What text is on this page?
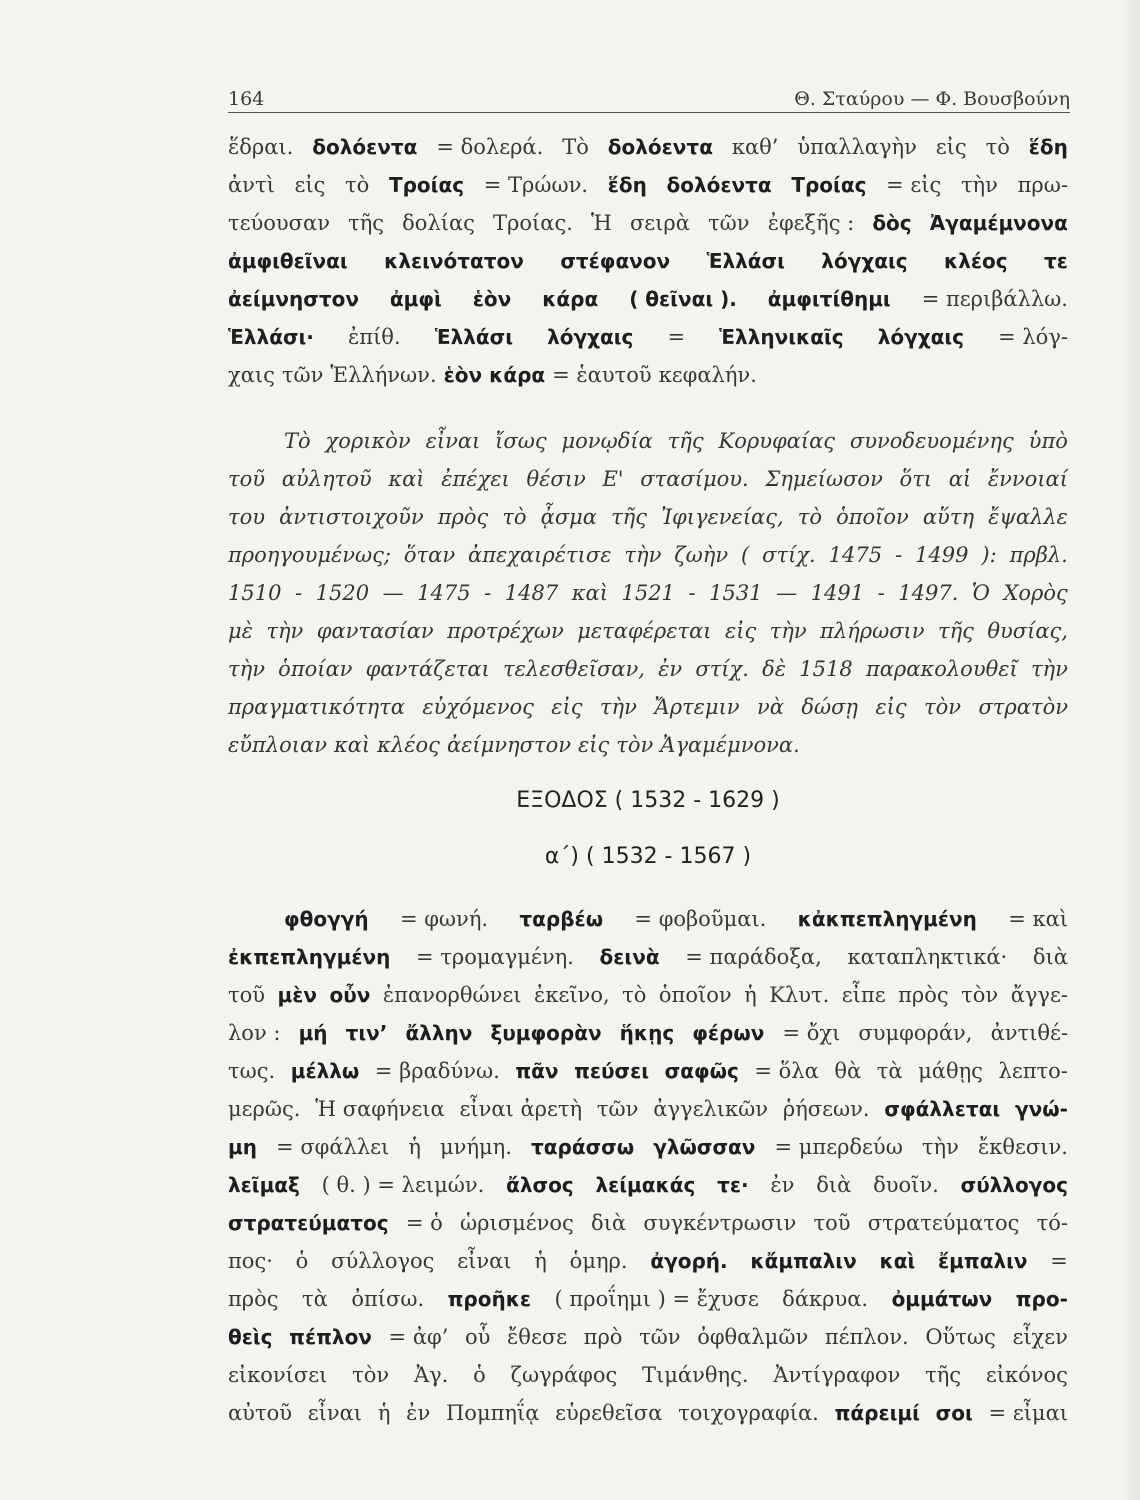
164	Θ. Σταύρου — Φ. Βουσβούνη
ἕδραι. δολόεντα = δολερά. Τὸ δολόεντα καθ’ ὑπαλλαγὴν εἰς τὸ ἕδη
ἀντὶ εἰς τὸ Τροίας = Τρώων. ἕδη δολόεντα Τροίας = εἰς τὴν πρω-
τεύουσαν τῆς δολίας Τροίας. Ἡ σειρὰ τῶν ἐφεξῆς : δὸς Ἀγαμέμνονα
ἀμφιθεῖναι κλεινότατον στέφανον Ἑλλάσι λόγχαις κλέος τε
ἀείμνηστον ἀμφὶ ἑὸν κάρα ( θεῖναι ). ἀμφιτίθημι = περιβάλλω.
Ἑλλάσι· ἐπίθ. Ἑλλάσι λόγχαις = Ἑλληνικαῖς λόγχαις = λόγ-
χαις τῶν Ἑλλήνων. ἑὸν κάρα = ἑαυτοῦ κεφαλήν.
Τὸ χορικὸν εἶναι ἴσως μονῳδία τῆς Κορυφαίας συνοδευομένης ὑπὸ
τοῦ αὐλητοῦ καὶ ἐπέχει θέσιν Ε' στασίμου. Σημείωσον ὅτι αἱ ἔννοιαί
του ἀντιστοιχοῦν πρὸς τὸ ᾆσμα τῆς Ἰφιγενείας, τὸ ὁποῖον αὕτη ἔψαλλε
προηγουμένως; ὅταν ἀπεχαιρέτισε τὴν ζωὴν ( στίχ. 1475 - 1499 ): πρβλ.
1510 - 1520 — 1475 - 1487 καὶ 1521 - 1531 — 1491 - 1497. Ὁ Χορὸς
μὲ τὴν φαντασίαν προτρέχων μεταφέρεται εἰς τὴν πλήρωσιν τῆς θυσίας,
τὴν ὁποίαν φαντάζεται τελεσθεῖσαν, ἐν στίχ. δὲ 1518 παρακολουθεῖ τὴν
πραγματικότητα εὐχόμενος εἰς τὴν Ἄρτεμιν νὰ δώσῃ εἰς τὸν στρατὸν
εὔπλοιαν καὶ κλέος ἀείμνηστον εἰς τὸν Ἀγαμέμνονα.
ΕΞΟΔΟΣ ( 1532 - 1629 )
α΄) ( 1532 - 1567 )
φθογγή = φωνή. ταρβέω = φοβοῦμαι. κἀκπεπληγμένη = καὶ
ἐκπεπληγμένη = τρομαγμένη. δεινὰ = παράδοξα, καταπληκτικά· διὰ
τοῦ μὲν οὖν ἐπανορθώνει ἐκεῖνο, τὸ ὁποῖον ἡ Κλυτ. εἶπε πρὸς τὸν ἄγγε-
λον : μή τιν’ ἄλλην ξυμφορὰν ἥκῃς φέρων = ὄχι συμφοράν, ἀντιθέ-
τως. μέλλω = βραδύνω. πᾶν πεύσει σαφῶς = ὅλα θὰ τὰ μάθῃς λεπτο-
μερῶς. Ἡ σαφήνεια εἶναι ἀρετὴ τῶν ἀγγελικῶν ῥήσεων. σφάλλεται γνώ-
μη = σφάλλει ἡ μνήμη. ταράσσω γλῶσσαν = μπερδεύω τὴν ἔκθεσιν.
λεῖμαξ ( θ. ) = λειμών. ἄλσος λείμακάς τε· ἐν διὰ δυοῖν. σύλλογος
στρατεύματος = ὁ ὡρισμένος διὰ συγκέντρωσιν τοῦ στρατεύματος τό-
πος· ὁ σύλλογος εἶναι ἡ ὁμηρ. ἀγορή. κἄμπαλιν καὶ ἔμπαλιν =
πρὸς τὰ ὀπίσω. προῆκε ( προΐημι ) = ἔχυσε δάκρυα. ὀμμάτων προ-
θεὶς πέπλον = ἀφ’ οὗ ἔθεσε πρὸ τῶν ὀφθαλμῶν πέπλον. Οὕτως εἶχεν
εἰκονίσει τὸν Ἀγ. ὁ ζωγράφος Τιμάνθης. Ἀντίγραφον τῆς εἰκόνος
αὐτοῦ εἶναι ἡ ἐν Πομπηΐᾳ εὑρεθεῖσα τοιχογραφία. πάρειμί σοι = εἶμαι
